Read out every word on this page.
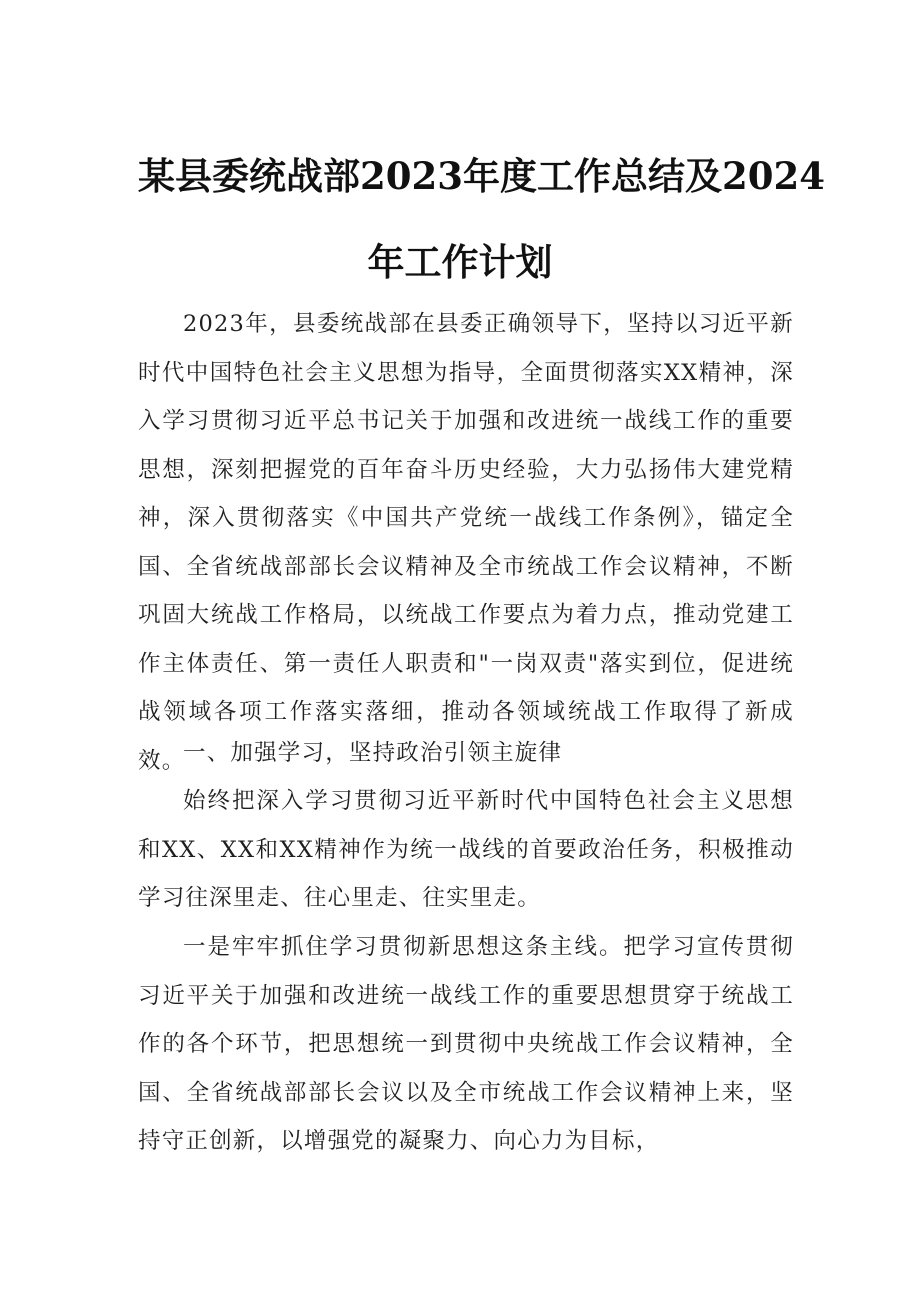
某县委统战部2023年度工作总结及2024
年工作计划

2023年，县委统战部在县委正确领导下，坚持以习近平新时代中国特色社会主义思想为指导，全面贯彻落实XX精神，深入学习贯彻习近平总书记关于加强和改进统一战线工作的重要思想，深刻把握党的百年奋斗历史经验，大力弘扬伟大建党精神，深入贯彻落实《中国共产党统一战线工作条例》，锚定全国、全省统战部部长会议精神及全市统战工作会议精神，不断巩固大统战工作格局，以统战工作要点为着力点，推动党建工作主体责任、第一责任人职责和"一岗双责"落实到位，促进统战领域各项工作落实落细，推动各领域统战工作取得了新成效。

一、加强学习，坚持政治引领主旋律

始终把深入学习贯彻习近平新时代中国特色社会主义思想和XX、XX和XX精神作为统一战线的首要政治任务，积极推动学习往深里走、往心里走、往实里走。

一是牢牢抓住学习贯彻新思想这条主线。把学习宣传贯彻习近平关于加强和改进统一战线工作的重要思想贯穿于统战工作的各个环节，把思想统一到贯彻中央统战工作会议精神，全国、全省统战部部长会议以及全市统战工作会议精神上来，坚持守正创新，以增强党的凝聚力、向心力为目标，
